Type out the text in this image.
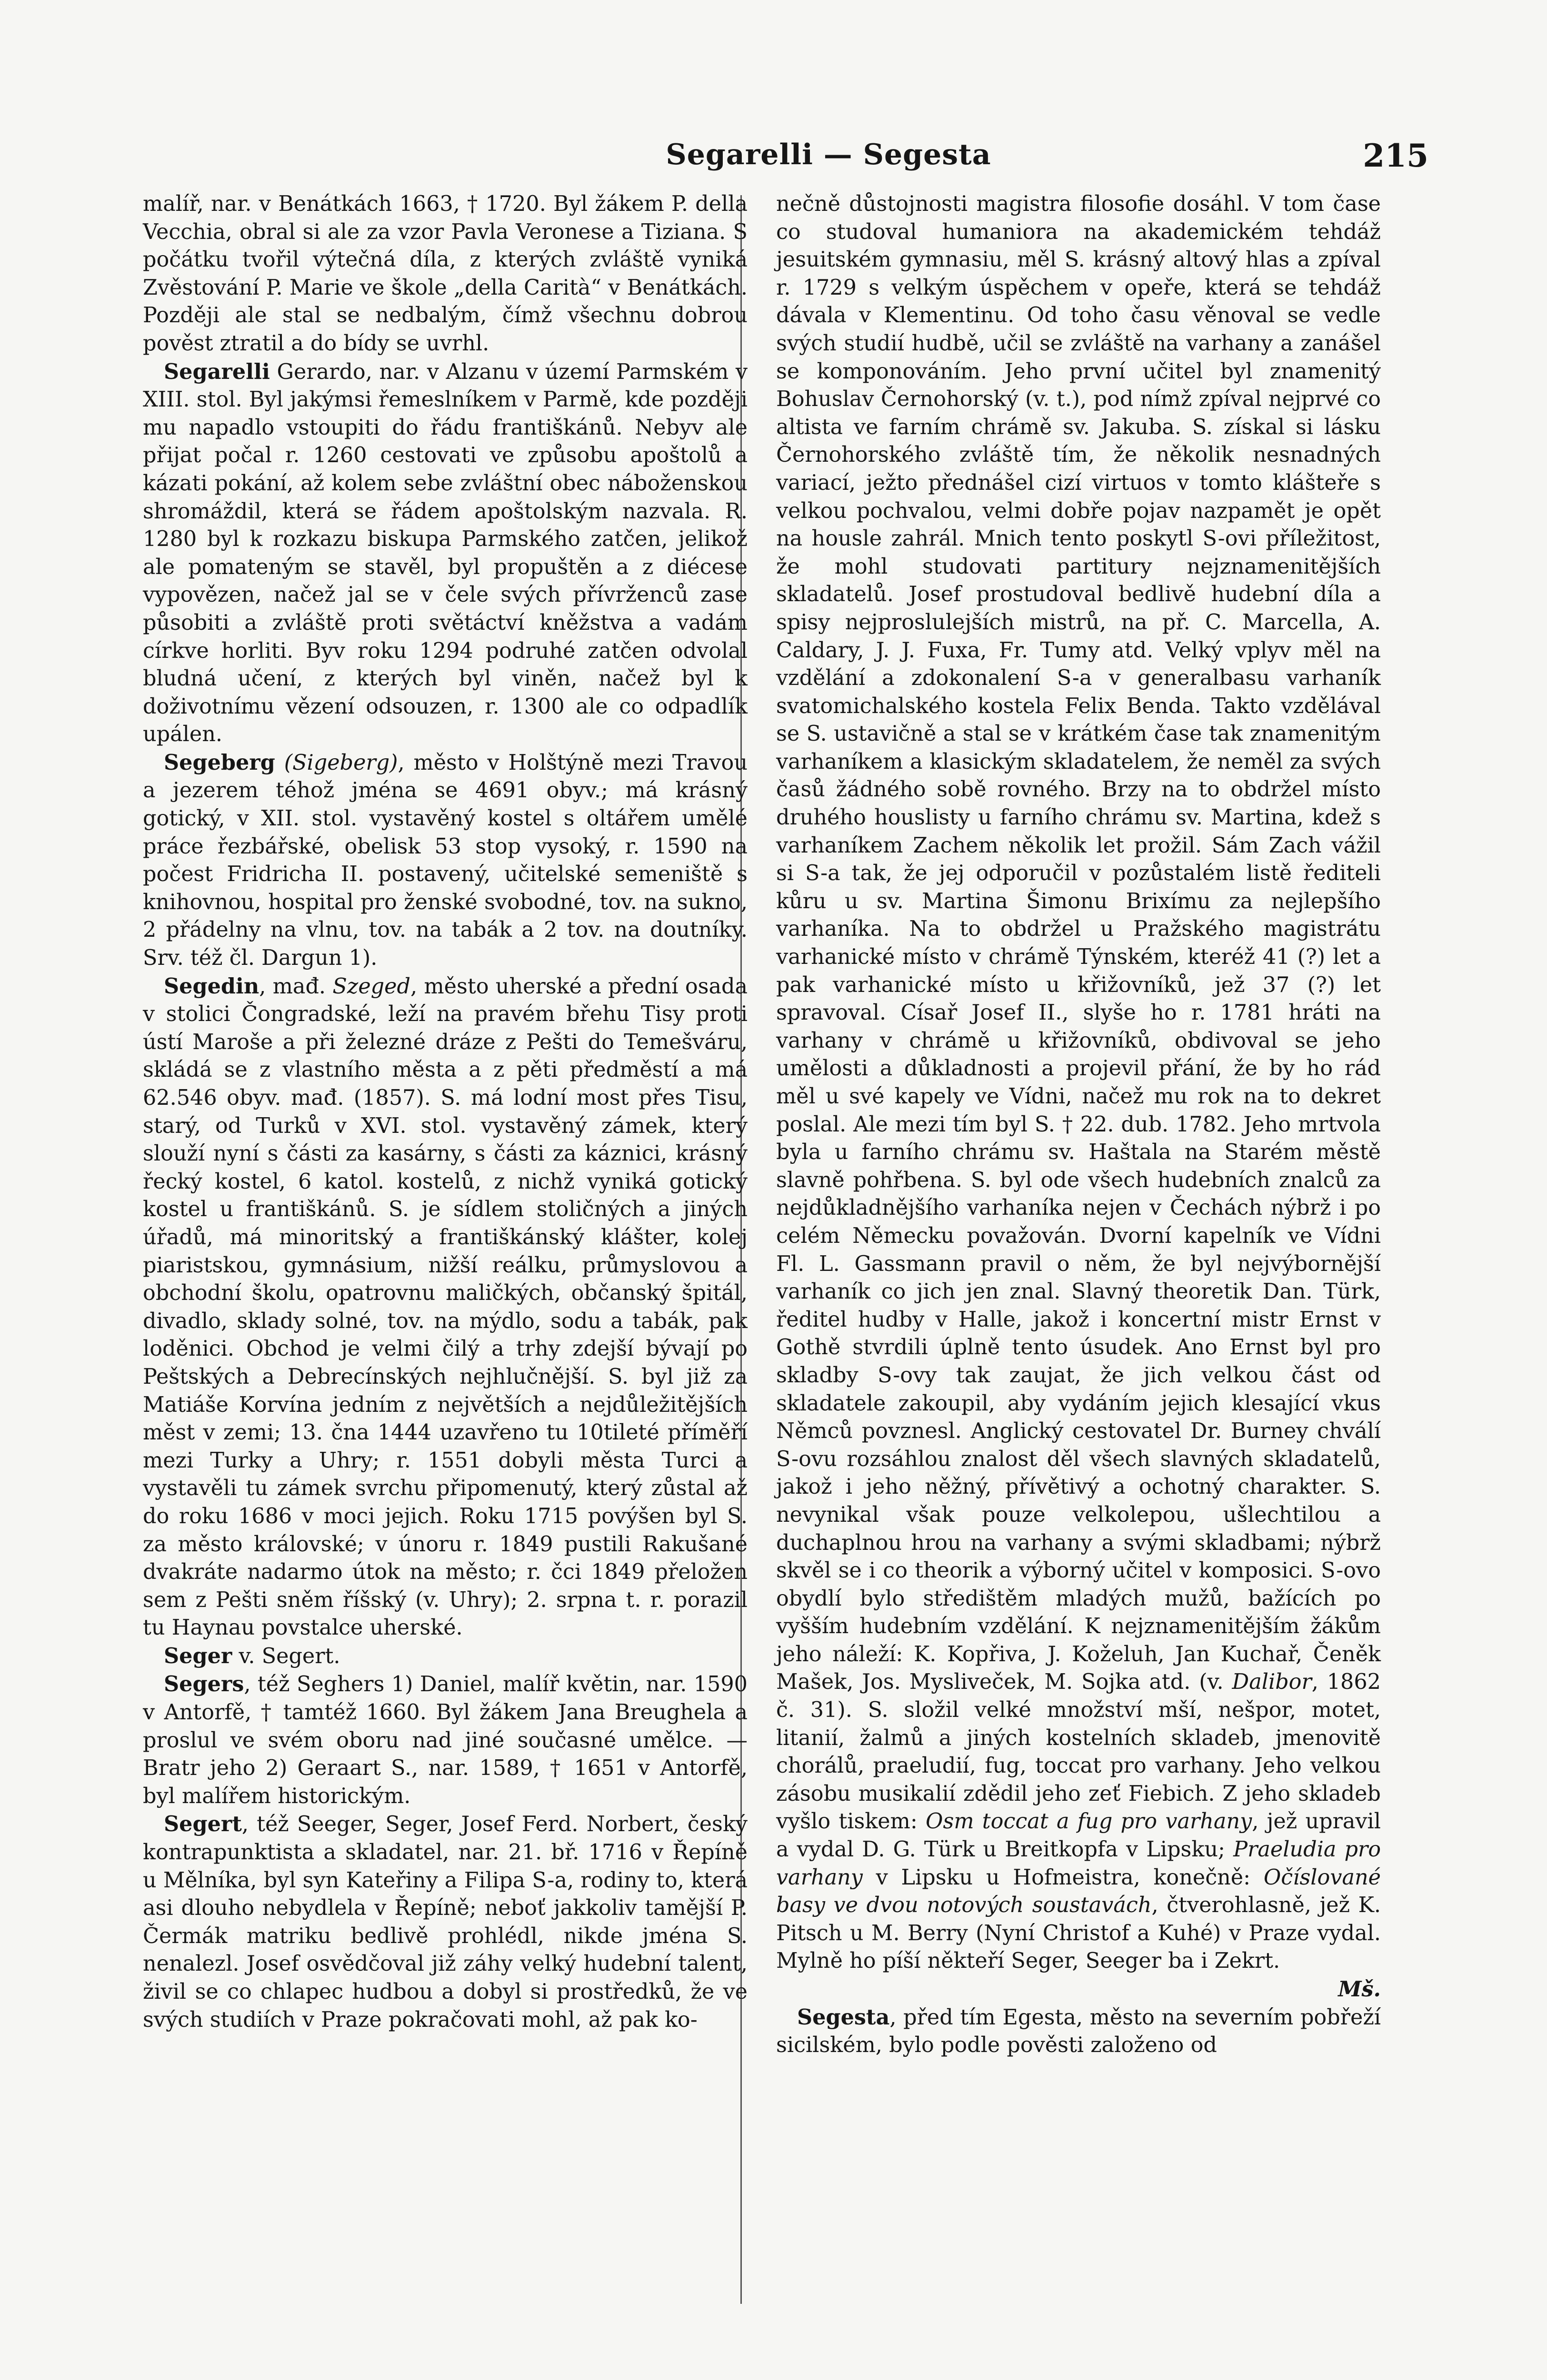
Segarelli — Segesta	215

malíř, nar. v Benátkách 1663, † 1720. Byl žákem P. della Vecchia, obral si ale za vzor Pavla Veronese a Tiziana. S počátku tvořil výtečná díla, z kterých zvláště vyniká Zvěstování P. Marie ve škole „della Carità“ v Benátkách. Později ale stal se nedbalým, čímž všechnu dobrou pověst ztratil a do bídy se uvrhl.

Segarelli Gerardo, nar. v Alzanu v území Parmském v XIII. stol. Byl jakýmsi řemeslníkem v Parmě, kde později mu napadlo vstoupiti do řádu františkánů. Nebyv ale přijat počal r. 1260 cestovati ve způsobu apoštolů a kázati pokání, až kolem sebe zvláštní obec náboženskou shromáždil, která se řádem apoštolským nazvala. R. 1280 byl k rozkazu biskupa Parmského zatčen, jelikož ale pomateným se stavěl, byl propuštěn a z diécese vypovězen, načež jal se v čele svých přívrženců zase působiti a zvláště proti světáctví kněžstva a vadám církve horliti. Byv roku 1294 podruhé zatčen odvolal bludná učení, z kterých byl viněn, načež byl k doživotnímu vězení odsouzen, r. 1300 ale co odpadlík upálen.

Segeberg (Sigeberg), město v Holštýně mezi Travou a jezerem téhož jména se 4691 obyv.; má krásný gotický, v XII. stol. vystavěný kostel s oltářem umělé práce řezbářské, obelisk 53 stop vysoký, r. 1590 na počest Fridricha II. postavený, učitelské semeniště s knihovnou, hospital pro ženské svobodné, tov. na sukno, 2 přádelny na vlnu, tov. na tabák a 2 tov. na doutníky. Srv. též čl. Dargun 1).

Segedin, mađ. Szeged, město uherské a přední osada v stolici Čongradské, leží na pravém břehu Tisy proti ústí Maroše a při železné dráze z Pešti do Temešváru, skládá se z vlastního města a z pěti předměstí a má 62.546 obyv. mađ. (1857). S. má lodní most přes Tisu, starý, od Turků v XVI. stol. vystavěný zámek, který slouží nyní s části za kasárny, s části za káznici, krásný řecký kostel, 6 katol. kostelů, z nichž vyniká gotický kostel u františkánů. S. je sídlem stoličných a jiných úřadů, má minoritský a františkánský klášter, kolej piaristskou, gymnásium, nižší reálku, průmyslovou a obchodní školu, opatrovnu maličkých, občanský špitál, divadlo, sklady solné, tov. na mýdlo, sodu a tabák, pak loděnici. Obchod je velmi čilý a trhy zdejší bývají po Peštských a Debrecínských nejhlučnější. S. byl již za Matiáše Korvína jedním z největších a nejdůležitějších měst v zemi; 13. čna 1444 uzavřeno tu 10tileté příměří mezi Turky a Uhry; r. 1551 dobyli města Turci a vystavěli tu zámek svrchu připomenutý, který zůstal až do roku 1686 v moci jejich. Roku 1715 povýšen byl S. za město královské; v únoru r. 1849 pustili Rakušané dvakráte nadarmo útok na město; r. čci 1849 přeložen sem z Pešti sněm říšský (v. Uhry); 2. srpna t. r. porazil tu Haynau povstalce uherské.

Seger v. Segert.

Segers, též Seghers 1) Daniel, malíř květin, nar. 1590 v Antorfě, † tamtéž 1660. Byl žákem Jana Breughela a proslul ve svém oboru nad jiné současné umělce. — Bratr jeho 2) Geraart S., nar. 1589, † 1651 v Antorfě, byl malířem historickým.

Segert, též Seeger, Seger, Josef Ferd. Norbert, český kontrapunktista a skladatel, nar. 21. bř. 1716 v Řepíně u Mělníka, byl syn Kateřiny a Filipa S-a, rodiny to, která asi dlouho nebydlela v Řepíně; neboť jakkoliv tamější P. Čermák matriku bedlivě prohlédl, nikde jména S. nenalezl. Josef osvědčoval již záhy velký hudební talent, živil se co chlapec hudbou a dobyl si prostředků, že ve svých studiích v Praze pokračovati mohl, až pak ko-

nečně důstojnosti magistra filosofie dosáhl. V tom čase co studoval humaniora na akademickém tehdáž jesuitském gymnasiu, měl S. krásný altový hlas a zpíval r. 1729 s velkým úspěchem v opeře, která se tehdáž dávala v Klementinu. Od toho času věnoval se vedle svých studií hudbě, učil se zvláště na varhany a zanášel se komponováním. Jeho první učitel byl znamenitý Bohuslav Černohorský (v. t.), pod nímž zpíval nejprvé co altista ve farním chrámě sv. Jakuba. S. získal si lásku Černohorského zvláště tím, že několik nesnadných variací, ježto přednášel cizí virtuos v tomto klášteře s velkou pochvalou, velmi dobře pojav nazpamět je opět na housle zahrál. Mnich tento poskytl S-ovi příležitost, že mohl studovati partitury nejznamenitějších skladatelů. Josef prostudoval bedlivě hudební díla a spisy nejproslulejších mistrů, na př. C. Marcella, A. Caldary, J. J. Fuxa, Fr. Tumy atd. Velký vplyv měl na vzdělání a zdokonalení S-a v generalbasu varhaník svatomichalského kostela Felix Benda. Takto vzdělával se S. ustavičně a stal se v krátkém čase tak znamenitým varhaníkem a klasickým skladatelem, že neměl za svých časů žádného sobě rovného. Brzy na to obdržel místo druhého houslisty u farního chrámu sv. Martina, kdež s varhaníkem Zachem několik let prožil. Sám Zach vážil si S-a tak, že jej odporučil v pozůstalém listě řediteli kůru u sv. Martina Šimonu Brixímu za nejlepšího varhaníka. Na to obdržel u Pražského magistrátu varhanické místo v chrámě Týnském, kteréž 41 (?) let a pak varhanické místo u křižovníků, jež 37 (?) let spravoval. Císař Josef II., slyše ho r. 1781 hráti na varhany v chrámě u křižovníků, obdivoval se jeho umělosti a důkladnosti a projevil přání, že by ho rád měl u své kapely ve Vídni, načež mu rok na to dekret poslal. Ale mezi tím byl S. † 22. dub. 1782. Jeho mrtvola byla u farního chrámu sv. Haštala na Starém městě slavně pohřbena. S. byl ode všech hudebních znalců za nejdůkladnějšího varhaníka nejen v Čechách nýbrž i po celém Německu považován. Dvorní kapelník ve Vídni Fl. L. Gassmann pravil o něm, že byl nejvýbornější varhaník co jich jen znal. Slavný theoretik Dan. Türk, ředitel hudby v Halle, jakož i koncertní mistr Ernst v Gothě stvrdili úplně tento úsudek. Ano Ernst byl pro skladby S-ovy tak zaujat, že jich velkou část od skladatele zakoupil, aby vydáním jejich klesající vkus Němců povznesl. Anglický cestovatel Dr. Burney chválí S-ovu rozsáhlou znalost děl všech slavných skladatelů, jakož i jeho něžný, přívětivý a ochotný charakter. S. nevynikal však pouze velkolepou, ušlechtilou a duchaplnou hrou na varhany a svými skladbami; nýbrž skvěl se i co theorik a výborný učitel v komposici. S-ovo obydlí bylo středištěm mladých mužů, bažících po vyšším hudebním vzdělání. K nejznamenitějším žákům jeho náleží: K. Kopřiva, J. Koželuh, Jan Kuchař, Čeněk Mašek, Jos. Mysliveček, M. Sojka atd. (v. Dalibor, 1862 č. 31). S. složil velké množství mší, nešpor, motet, litanií, žalmů a jiných kostelních skladeb, jmenovitě chorálů, praeludií, fug, toccat pro varhany. Jeho velkou zásobu musikalií zdědil jeho zeť Fiebich. Z jeho skladeb vyšlo tiskem: Osm toccat a fug pro varhany, jež upravil a vydal D. G. Türk u Breitkopfa v Lipsku; Praeludia pro varhany v Lipsku u Hofmeistra, konečně: Očíslované basy ve dvou notových soustavách, čtverohlasně, jež K. Pitsch u M. Berry (Nyní Christof a Kuhé) v Praze vydal. Mylně ho píší někteří Seger, Seeger ba i Zekrt.
Mš.

Segesta, před tím Egesta, město na severním pobřeží sicilském, bylo podle pověsti založeno od
